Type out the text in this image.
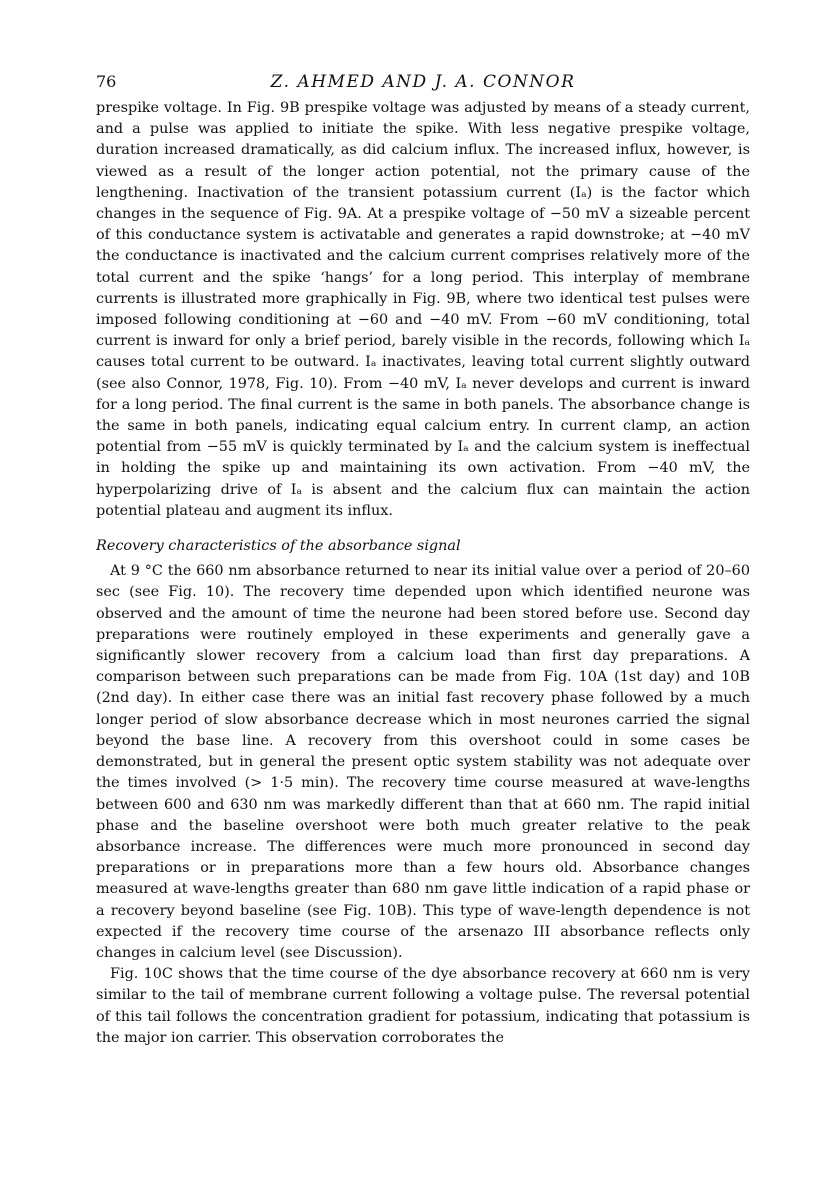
76	Z. AHMED AND J. A. CONNOR

prespike voltage. In Fig. 9B prespike voltage was adjusted by means of a steady current, and a pulse was applied to initiate the spike. With less negative prespike voltage, duration increased dramatically, as did calcium influx. The increased influx, however, is viewed as a result of the longer action potential, not the primary cause of the lengthening. Inactivation of the transient potassium current (Iₐ) is the factor which changes in the sequence of Fig. 9A. At a prespike voltage of −50 mV a sizeable percent of this conductance system is activatable and generates a rapid downstroke; at −40 mV the conductance is inactivated and the calcium current comprises relatively more of the total current and the spike ‘hangs’ for a long period. This interplay of membrane currents is illustrated more graphically in Fig. 9B, where two identical test pulses were imposed following conditioning at −60 and −40 mV. From −60 mV conditioning, total current is inward for only a brief period, barely visible in the records, following which Iₐ causes total current to be outward. Iₐ inactivates, leaving total current slightly outward (see also Connor, 1978, Fig. 10). From −40 mV, Iₐ never develops and current is inward for a long period. The final current is the same in both panels. The absorbance change is the same in both panels, indicating equal calcium entry. In current clamp, an action potential from −55 mV is quickly terminated by Iₐ and the calcium system is ineffectual in holding the spike up and maintaining its own activation. From −40 mV, the hyperpolarizing drive of Iₐ is absent and the calcium flux can maintain the action potential plateau and augment its influx.

Recovery characteristics of the absorbance signal

At 9 °C the 660 nm absorbance returned to near its initial value over a period of 20–60 sec (see Fig. 10). The recovery time depended upon which identified neurone was observed and the amount of time the neurone had been stored before use. Second day preparations were routinely employed in these experiments and generally gave a significantly slower recovery from a calcium load than first day preparations. A comparison between such preparations can be made from Fig. 10A (1st day) and 10B (2nd day). In either case there was an initial fast recovery phase followed by a much longer period of slow absorbance decrease which in most neurones carried the signal beyond the base line. A recovery from this overshoot could in some cases be demonstrated, but in general the present optic system stability was not adequate over the times involved (> 1·5 min). The recovery time course measured at wave-lengths between 600 and 630 nm was markedly different than that at 660 nm. The rapid initial phase and the baseline overshoot were both much greater relative to the peak absorbance increase. The differences were much more pronounced in second day preparations or in preparations more than a few hours old. Absorbance changes measured at wave-lengths greater than 680 nm gave little indication of a rapid phase or a recovery beyond baseline (see Fig. 10B). This type of wave-length dependence is not expected if the recovery time course of the arsenazo III absorbance reflects only changes in calcium level (see Discussion).

Fig. 10C shows that the time course of the dye absorbance recovery at 660 nm is very similar to the tail of membrane current following a voltage pulse. The reversal potential of this tail follows the concentration gradient for potassium, indicating that potassium is the major ion carrier. This observation corroborates the
